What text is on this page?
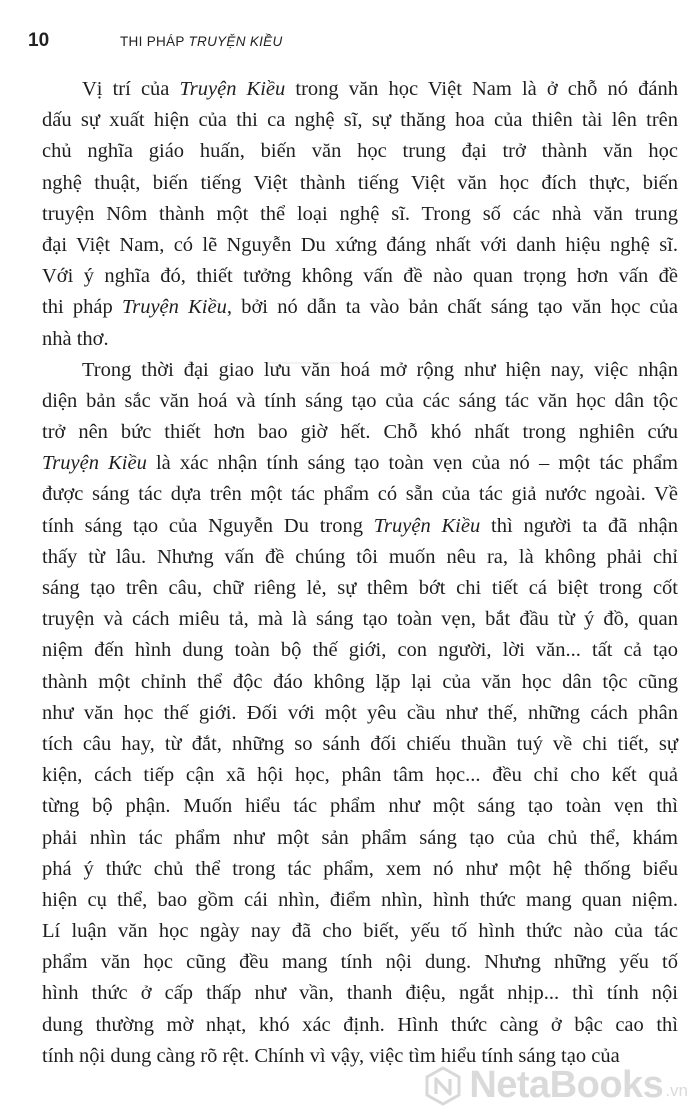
10	THI PHÁP TRUYỆN KIỀU
Vị trí của Truyện Kiều trong văn học Việt Nam là ở chỗ nó đánh
dấu sự xuất hiện của thi ca nghệ sĩ, sự thăng hoa của thiên tài lên trên
chủ nghĩa giáo huấn, biến văn học trung đại trở thành văn học
nghệ thuật, biến tiếng Việt thành tiếng Việt văn học đích thực, biến
truyện Nôm thành một thể loại nghệ sĩ. Trong số các nhà văn trung
đại Việt Nam, có lẽ Nguyễn Du xứng đáng nhất với danh hiệu nghệ sĩ.
Với ý nghĩa đó, thiết tưởng không vấn đề nào quan trọng hơn vấn đề
thi pháp Truyện Kiều, bởi nó dẫn ta vào bản chất sáng tạo văn học của
nhà thơ.
Trong thời đại giao lưu văn hoá mở rộng như hiện nay, việc nhận
diện bản sắc văn hoá và tính sáng tạo của các sáng tác văn học dân tộc
trở nên bức thiết hơn bao giờ hết. Chỗ khó nhất trong nghiên cứu
Truyện Kiều là xác nhận tính sáng tạo toàn vẹn của nó – một tác phẩm
được sáng tác dựa trên một tác phẩm có sẵn của tác giả nước ngoài. Về
tính sáng tạo của Nguyễn Du trong Truyện Kiều thì người ta đã nhận
thấy từ lâu. Nhưng vấn đề chúng tôi muốn nêu ra, là không phải chỉ
sáng tạo trên câu, chữ riêng lẻ, sự thêm bớt chi tiết cá biệt trong cốt
truyện và cách miêu tả, mà là sáng tạo toàn vẹn, bắt đầu từ ý đồ, quan
niệm đến hình dung toàn bộ thế giới, con người, lời văn... tất cả tạo
thành một chỉnh thể độc đáo không lặp lại của văn học dân tộc cũng
như văn học thế giới. Đối với một yêu cầu như thế, những cách phân
tích câu hay, từ đắt, những so sánh đối chiếu thuần tuý về chi tiết, sự
kiện, cách tiếp cận xã hội học, phân tâm học... đều chỉ cho kết quả
từng bộ phận. Muốn hiểu tác phẩm như một sáng tạo toàn vẹn thì
phải nhìn tác phẩm như một sản phẩm sáng tạo của chủ thể, khám
phá ý thức chủ thể trong tác phẩm, xem nó như một hệ thống biểu
hiện cụ thể, bao gồm cái nhìn, điểm nhìn, hình thức mang quan niệm.
Lí luận văn học ngày nay đã cho biết, yếu tố hình thức nào của tác
phẩm văn học cũng đều mang tính nội dung. Nhưng những yếu tố
hình thức ở cấp thấp như vần, thanh điệu, ngắt nhịp... thì tính nội
dung thường mờ nhạt, khó xác định. Hình thức càng ở bậc cao thì
tính nội dung càng rõ rệt. Chính vì vậy, việc tìm hiểu tính sáng tạo của
NetaBooks .vn
